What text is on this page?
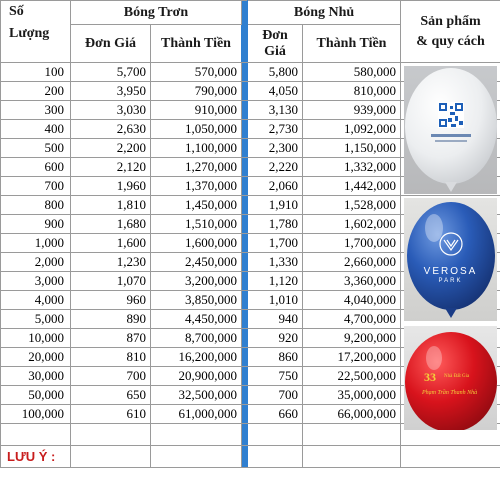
Số
Lượng	Bóng Trơn			Bóng Nhủ		Sản phẩm
& quy cách
	Đơn Giá	Thành Tiền		Đơn
Giá	Thành Tiền	
100	5,700	570,000		5,800	580,000	
200	3,950	790,000		4,050	810,000	
300	3,030	910,000		3,130	939,000	
400	2,630	1,050,000		2,730	1,092,000	
500	2,200	1,100,000		2,300	1,150,000	
600	2,120	1,270,000		2,220	1,332,000	
700	1,960	1,370,000		2,060	1,442,000	
800	1,810	1,450,000		1,910	1,528,000	
900	1,680	1,510,000		1,780	1,602,000	
1,000	1,600	1,600,000		1,700	1,700,000	
2,000	1,230	2,450,000		1,330	2,660,000	
3,000	1,070	3,200,000		1,120	3,360,000	
4,000	960	3,850,000		1,010	4,040,000	
5,000	890	4,450,000		940	4,700,000	
10,000	870	8,700,000		920	9,200,000	
20,000	810	16,200,000		860	17,200,000	
30,000	700	20,900,000		750	22,500,000	
50,000	650	32,500,000		700	35,000,000	
100,000	610	61,000,000		660	66,000,000	

LƯU Ý :						
VEROSA
PARK
33 Nhà Đất Gia
Phạm Trần Thanh Nhà
